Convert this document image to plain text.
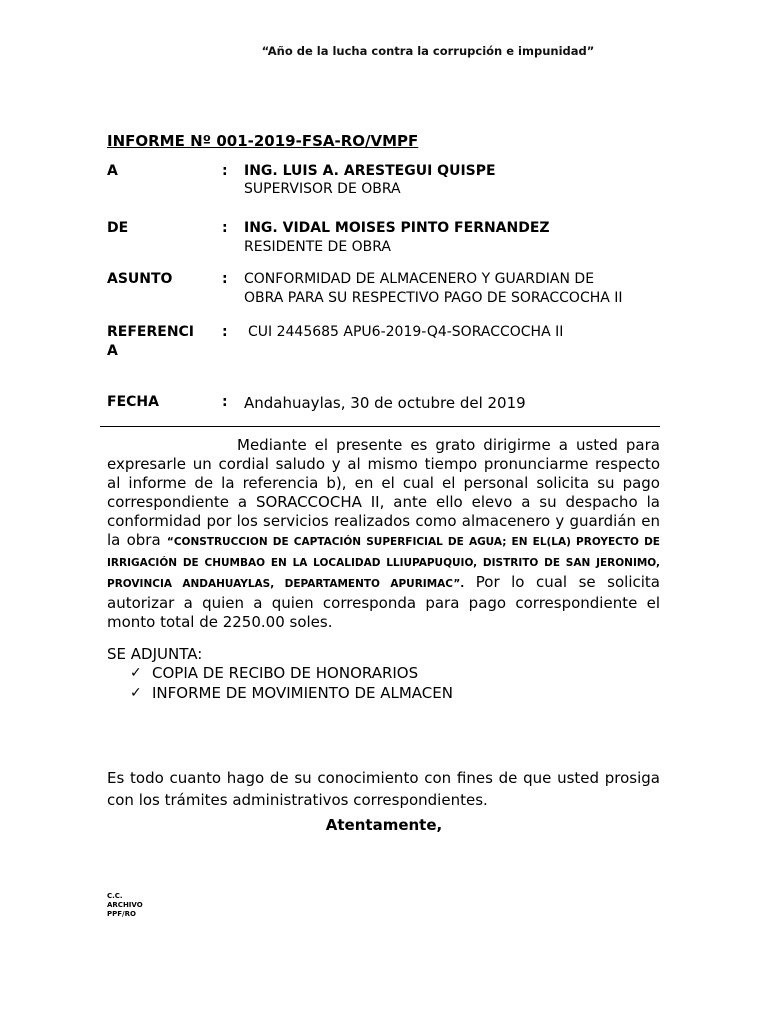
“Año de la lucha contra la corrupción e impunidad”
INFORME Nº 001-2019-FSA-RO/VMPF
A	: ING. LUIS A. ARESTEGUI QUISPE
SUPERVISOR DE OBRA
DE	: ING. VIDAL MOISES PINTO FERNANDEZ
RESIDENTE DE OBRA
ASUNTO	: CONFORMIDAD DE ALMACENERO Y GUARDIAN DE
OBRA PARA SU RESPECTIVO PAGO DE SORACCOCHA II
REFERENCI
A
: CUI 2445685 APU6-2019-Q4-SORACCOCHA II
FECHA	: Andahuaylas, 30 de octubre del 2019
Mediante el presente es grato dirigirme a usted para expresarle un cordial saludo y al mismo tiempo pronunciarme respecto al informe de la referencia b), en el cual el personal solicita su pago correspondiente a SORACCOCHA II, ante ello elevo a su despacho la conformidad por los servicios realizados como almacenero y guardián en la obra “CONSTRUCCION DE CAPTACIÓN SUPERFICIAL DE AGUA; EN EL(LA) PROYECTO DE IRRIGACIÓN DE CHUMBAO EN LA LOCALIDAD LLIUPAPUQUIO, DISTRITO DE SAN JERONIMO, PROVINCIA ANDAHUAYLAS, DEPARTAMENTO APURIMAC”. Por lo cual se solicita autorizar a quien a quien corresponda para pago correspondiente el monto total de 2250.00 soles.
SE ADJUNTA:
✓ COPIA DE RECIBO DE HONORARIOS
✓ INFORME DE MOVIMIENTO DE ALMACEN
Es todo cuanto hago de su conocimiento con fines de que usted prosiga con los trámites administrativos correspondientes.
Atentamente,
C.C.
ARCHIVO
PPF/RO
